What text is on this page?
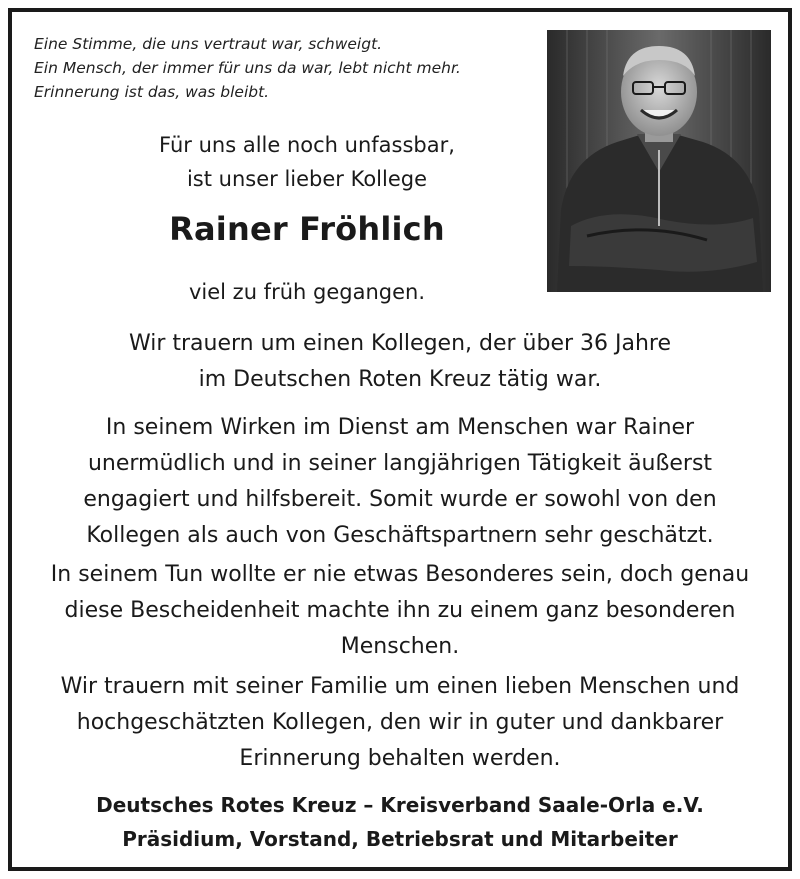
Eine Stimme, die uns vertraut war, schweigt.
Ein Mensch, der immer für uns da war, lebt nicht mehr.
Erinnerung ist das, was bleibt.
Für uns alle noch unfassbar,
ist unser lieber Kollege
Rainer Fröhlich
viel zu früh gegangen.
Wir trauern um einen Kollegen, der über 36 Jahre
im Deutschen Roten Kreuz tätig war.
In seinem Wirken im Dienst am Menschen war Rainer
unermüdlich und in seiner langjährigen Tätigkeit äußerst
engagiert und hilfsbereit. Somit wurde er sowohl von den
Kollegen als auch von Geschäftspartnern sehr geschätzt.
In seinem Tun wollte er nie etwas Besonderes sein, doch genau
diese Bescheidenheit machte ihn zu einem ganz besonderen
Menschen.
Wir trauern mit seiner Familie um einen lieben Menschen und
hochgeschätzten Kollegen, den wir in guter und dankbarer
Erinnerung behalten werden.
Deutsches Rotes Kreuz – Kreisverband Saale-Orla e.V.
Präsidium, Vorstand, Betriebsrat und Mitarbeiter
